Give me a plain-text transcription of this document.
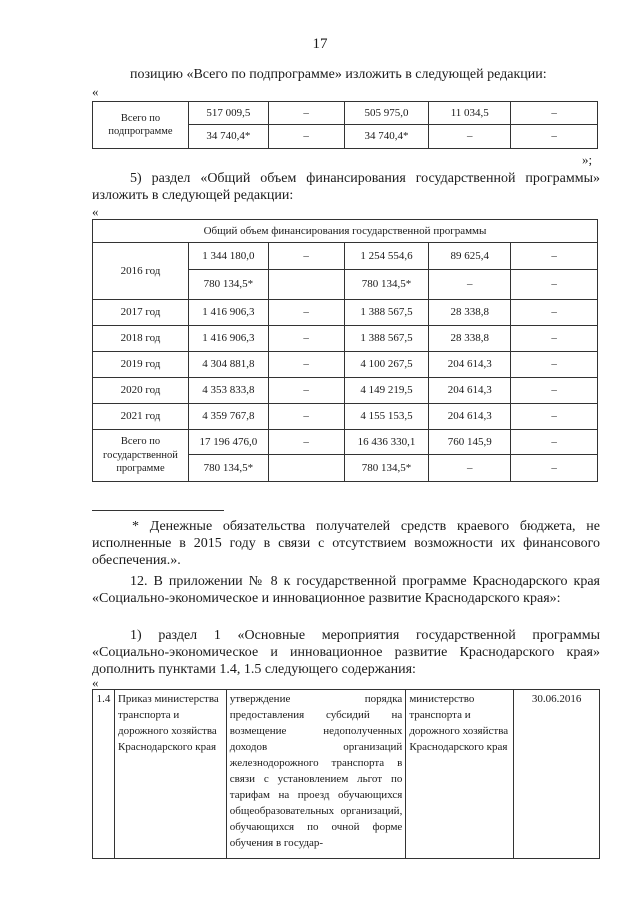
17
позицию «Всего по подпрограмме» изложить в следующей редакции:
«
Всего по подпрограмме	517 009,5	–	505 975,0	11 034,5	–
	34 740,4*	–	34 740,4*	–	–
»;
5) раздел «Общий объем финансирования государственной программы» изложить в следующей редакции:
«
Общий объем финансирования государственной программы					
2016 год	1 344 180,0	–	1 254 554,6	89 625,4	–
	780 134,5*		780 134,5*	–	–
2017 год	1 416 906,3	–	1 388 567,5	28 338,8	–
2018 год	1 416 906,3	–	1 388 567,5	28 338,8	–
2019 год	4 304 881,8	–	4 100 267,5	204 614,3	–
2020 год	4 353 833,8	–	4 149 219,5	204 614,3	–
2021 год	4 359 767,8	–	4 155 153,5	204 614,3	–
Всего по государственной программе	17 196 476,0	–	16 436 330,1	760 145,9	–
	780 134,5*		780 134,5*	–	–
* Денежные обязательства получателей средств краевого бюджета, не исполненные в 2015 году в связи с отсутствием возможности их финансового обеспечения.».
12. В приложении № 8 к государственной программе Краснодарского края «Социально-экономическое и инновационное развитие Краснодарского края»:
1) раздел 1 «Основные мероприятия государственной программы «Социально-экономическое и инновационное развитие Краснодарского края» дополнить пунктами 1.4, 1.5 следующего содержания:
«
1.4	Приказ министерства транспорта и дорожного хозяйства Краснодарского края	утверждение порядка предоставления субсидий на возмещение недополученных доходов организаций железнодорожного транспорта в связи с установлением льгот по тарифам на проезд обучающихся общеобразовательных организаций, обучающихся по очной форме обучения в государ-	министерство транспорта и дорожного хозяйства Краснодарского края	30.06.2016
